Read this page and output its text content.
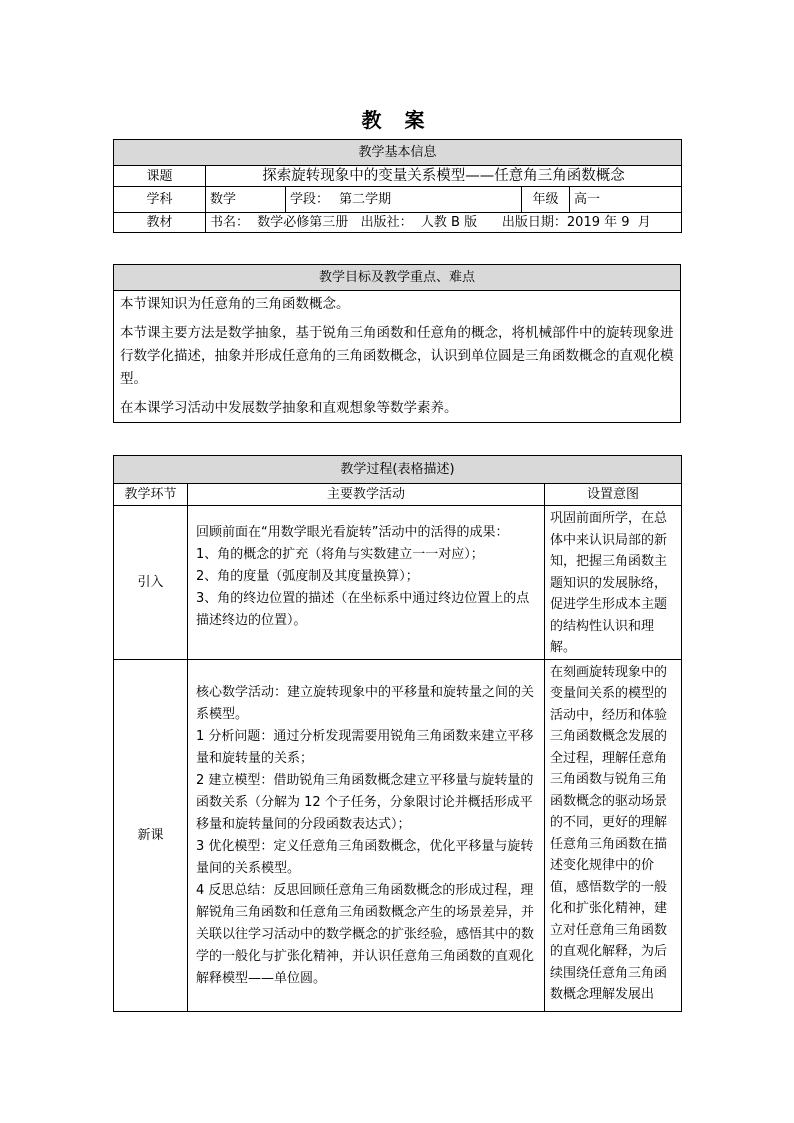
教 案
教学基本信息				
课题	探索旋转现象中的变量关系模型——任意角三角函数概念			
学科	数学	学段： 第二学期	年级	高一
教材	书名：  数学必修第三册   出版社：  人教 B 版      出版日期：2019 年 9  月			
教学目标及教学重点、难点

本节课知识为任意角的三角函数概念。

本节课主要方法是数学抽象，基于锐角三角函数和任意角的概念，将机械部件中的旋转现象进行数学化描述，抽象并形成任意角的三角函数概念，认识到单位圆是三角函数概念的直观化模型。

在本课学习活动中发展数学抽象和直观想象等数学素养。

教学过程(表格描述)		
教学环节	主要教学活动	设置意图
引入	回顾前面在“用数学眼光看旋转”活动中的活得的成果：
1、角的概念的扩充（将角与实数建立一一对应）；
2、角的度量（弧度制及其度量换算）；
3、角的终边位置的描述（在坐标系中通过终边位置上的点描述终边的位置）。	巩固前面所学，在总体中来认识局部的新知，把握三角函数主题知识的发展脉络，促进学生形成本主题的结构性认识和理解。
新课	核心数学活动：建立旋转现象中的平移量和旋转量之间的关系模型。
1 分析问题：通过分析发现需要用锐角三角函数来建立平移量和旋转量的关系；
2 建立模型：借助锐角三角函数概念建立平移量与旋转量的函数关系（分解为 12 个子任务，分象限讨论并概括形成平移量和旋转量间的分段函数表达式）；
3 优化模型：定义任意角三角函数概念，优化平移量与旋转量间的关系模型。
4 反思总结：反思回顾任意角三角函数概念的形成过程，理解锐角三角函数和任意角三角函数概念产生的场景差异，并关联以往学习活动中的数学概念的扩张经验，感悟其中的数学的一般化与扩张化精神，并认识任意角三角函数的直观化解释模型——单位圆。	在刻画旋转现象中的变量间关系的模型的活动中，经历和体验三角函数概念发展的全过程，理解任意角三角函数与锐角三角函数概念的驱动场景的不同，更好的理解任意角三角函数在描述变化规律中的价值，感悟数学的一般化和扩张化精神，建立对任意角三角函数的直观化解释，为后续围绕任意角三角函数概念理解发展出
